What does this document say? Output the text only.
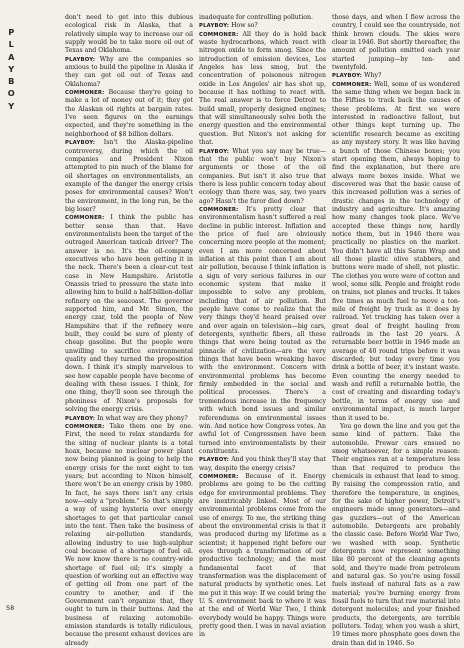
P
L
A
Y
B
O
Y

don't need to get into this dubious ecological risk in Alaska, that a relatively simple way to increase our oil supply would be to take more oil out of Texas and Oklahoma.

PLAYBOY: Why are the companies so anxious to build the pipeline in Alaska if they can get oil out of Texas and Oklahoma?

COMMONER: Because they're going to make a lot of money out of it; they got the Alaskan oil rights at bargain rates. I've seen figures on the earnings expected, and they're something in the neighborhood of $8 billion dollars.

PLAYBOY: Isn't the Alaska-pipeline controversy, during which the oil companies and President Nixon attempted to pin much of the blame for oil shortages on environmentalists, an example of the danger the energy crisis poses for environmental causes? Won't the environment, in the long run, be the big loser?

COMMONER: I think the public has better sense than that. Have environmentalists been the target of the outraged American taxicab driver? The answer is no. It's the oil-company executives who have been getting it in the neck. There's been a clear-cut test case in New Hampshire. Aristotle Onassis tried to pressure the state into allowing him to build a half-billion-dollar refinery on the seacoast. The governor supported him, and Mr. Simon, the energy czar, told the people of New Hampshire that if the refinery were built, they could be sure of plenty of cheap gasoline. But the people were unwilling to sacrifice environmental quality and they turned the proposition down. I think it's simply marvelous to see how capable people have become of dealing with these issues. I think, for one thing, they'll soon see through the phoniness of Nixon's proposals for solving the energy crisis.

PLAYBOY: In what way are they phony?

COMMONER: Take them one by one. First, the need to relax standards for the siting of nuclear plants is a total hoax, because no nuclear power plant now being planned is going to help the energy crisis for the next eight to ten years; but according to Nixon himself, there won't be an energy crisis by 1980. In fact, he says there isn't any crisis now—only a "problem." So that's simply a way of using hysteria over energy shortages to get that particular camel into the tent. Then take the business of relaxing air-pollution standards, allowing industry to use high-sulphur coal because of a shortage of fuel oil. We now know there is no country-wide shortage of fuel oil; it's simply a question of working out an effective way of getting oil from one part of the country to another, and if the Government can't organize that, they ought to turn in their buttons. And the business of relaxing automobile-emission standards is totally ridiculous, because the present exhaust devices are already

inadequate for controlling pollution.

PLAYBOY: How so?

COMMONER: All they do is hold back waste hydrocarbons, which react with nitrogen oxide to form smog. Since the introduction of emission devices, Los Angeles has less smog, but the concentration of poisonous nitrogen oxide in Los Angeles' air has shot up, because it has nothing to react with. The real answer is to force Detroit to build small, properly designed engines; that will simultaneously solve both the energy question and the environmental question. But Nixon's not asking for that.

PLAYBOY: What you say may be true—that the public won't buy Nixon's arguments or those of the oil companies. But isn't it also true that there is less public concern today about ecology than there was, say, two years ago? Hasn't the furor died down?

COMMONER: It's pretty clear that environmentalism hasn't suffered a real decline in public interest. Inflation and the price of fuel are obviously concerning more people at the moment; even I am more concerned about inflation at this point than I am about air pollution, because I think inflation is a sign of very serious failures in our economic system that make it impossible to solve any problem, including that of air pollution. But people have come to realize that the very things they'd heard praised over and over again on television—big cars, detergents, synthetic fibers, all these things that were being touted as the pinnacle of civilization—are the very things that have been wreaking havoc with the environment. Concern with environmental problems has become firmly embedded in the social and political processes. There's a tremendous increase in the frequency with which bond issues and similar referendums on environmental issues win. And notice how Congress votes. An awful lot of Congressmen have been turned into environmentalists by their constituents.

PLAYBOY: And you think they'll stay that way, despite the energy crisis?

COMMONER: Because of it. Energy problems are going to be the cutting edge for environmental problems. They are inextricably linked. Most of our environmental problems come from the use of energy. To me, the striking thing about the environmental crisis is that it was produced during my lifetime as a scientist; it happened right before our eyes through a transformation of our productive technology; and the most fundamental facet of that transformation was the displacement of natural products by synthetic ones. Let me put it this way: If we could bring the U. S. environment back to where it was at the end of World War Two, I think everybody would be happy. Things were pretty good then. I was in naval aviation in

those days, and when I flew across the country, I could see the countryside, not think brown clouds. The skies were clear in 1946. But shortly thereafter, the amount of pollution emitted each year started jumping—by ten- and twentyfold.

PLAYBOY: Why?

COMMONER: Well, some of us wondered the same thing when we began back in the Fifties to track back the causes of these problems. At first we were interested in radioactive fallout, but other things kept turning up. The scientific research became as exciting as any mystery story. It was like having a bunch of those Chinese boxes; you start opening them, always hoping to find the explanation, but there are always more boxes inside. What we discovered was that the basic cause of this increased pollution was a series of drastic changes in the technology of industry and agriculture. It's amazing how many changes took place. We've accepted these things now, hardly notice them, but in 1946 there was practically no plastics on the market. You didn't have all this Saran Wrap and all those plastic olive stabbers, and buttons were made of shell, not plastic. The clothes you wore were of cotton and wool, some silk. People and freight rode on trains, not planes and trucks. It takes five times as much fuel to move a ton-mile of freight by truck as it does by railroad. Yet trucking has taken over a great deal of freight hauling from railroads in the last 20 years. A returnable beer bottle in 1946 made an average of 40 round trips before it was discarded; but today every time you drink a bottle of beer, it's instant waste. Even counting the energy needed to wash and refill a returnable bottle, the cost of creating and discarding today's bottle, in terms of energy use and environmental impact, is much larger than it used to be.

You go down the line and you get the same kind of pattern. Take the automobile. Prewar cars ensued no smog whatsoever, for a simple reason: Their engines ran at a temperature less than that required to produce the chemicals in exhaust that lead to smog. By raising the compression ratio, and therefore the temperature, in engines, for the sake of higher power, Detroit's engineers made smog generators—and gas guzzlers—out of the American automobile. Detergents are probably the classic case. Before World War Two, we washed with soap. Synthetic detergents now represent something like 80 percent of the cleaning agents sold, and they're made from petroleum and natural gas. So you're using fossil fuels instead of natural fats as a raw material; you're burning energy from fossil fuels to turn that raw material into detergent molecules; and your finished products, the detergents, are terrible polluters. Today, when you wash a shirt, 19 times more phosphate goes down the drain than did in 1946. So

58
